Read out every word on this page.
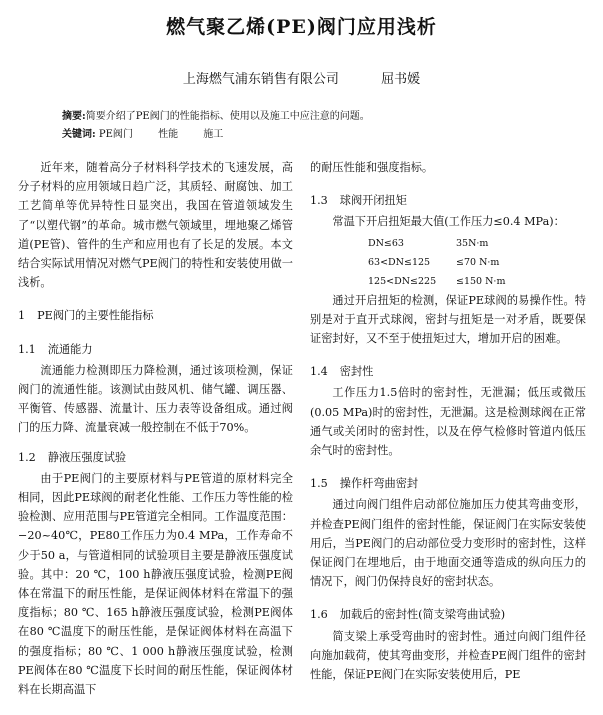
燃气聚乙烯(PE)阀门应用浅析
上海燃气浦东销售有限公司	屈书媛
摘要:简要介绍了PE阀门的性能指标、使用以及施工中应注意的问题。
关键词: PE阀门	性能	施工

近年来，随着高分子材料科学技术的飞速发展，高分子材料的应用领域日趋广泛，其质轻、耐腐蚀、加工工艺简单等优异特性日显突出，我国在管道领域发生了“以塑代钢”的革命。城市燃气领域里，埋地聚乙烯管道(PE管)、管件的生产和应用也有了长足的发展。本文结合实际试用情况对燃气PE阀门的特性和安装使用做一浅析。

1 PE阀门的主要性能指标
1.1 流通能力

流通能力检测即压力降检测，通过该项检测，保证阀门的流通性能。该测试由鼓风机、储气罐、调压器、平衡管、传感器、流量计、压力表等设备组成。通过阀门的压力降、流量衰减一般控制在不低于70%。

1.2 静液压强度试验

由于PE阀门的主要原材料与PE管道的原材料完全相同，因此PE球阀的耐老化性能、工作压力等性能的检验检测、应用范围与PE管道完全相同。工作温度范围：−20~40℃，PE80工作压力为0.4 MPa，工作寿命不少于50 a，与管道相同的试验项目主要是静液压强度试验。其中：20 ℃，100 h静液压强度试验，检测PE阀体在常温下的耐压性能，是保证阀体材料在常温下的强度指标；80 ℃、165 h静液压强度试验，检测PE阀体在80 ℃温度下的耐压性能，是保证阀体材料在高温下的强度指标；80 ℃、1 000 h静液压强度试验，检测PE阀体在80 ℃温度下长时间的耐压性能，保证阀体材料在长期高温下

的耐压性能和强度指标。

1.3 球阀开闭扭矩

常温下开启扭矩最大值(工作压力≤0.4 MPa)：

DN≤63	35N·m
63<DN≤125	≤70 N·m
125<DN≤225	≤150 N·m

通过开启扭矩的检测，保证PE球阀的易操作性。特别是对于直开式球阀，密封与扭矩是一对矛盾，既要保证密封好，又不至于使扭矩过大，增加开启的困难。

1.4 密封性

工作压力1.5倍时的密封性，无泄漏；低压或微压(0.05 MPa)时的密封性，无泄漏。这是检测球阀在正常通气或关闭时的密封性，以及在停气检修时管道内低压余气时的密封性。

1.5 操作杆弯曲密封

通过向阀门组件启动部位施加压力使其弯曲变形，并检查PE阀门组件的密封性能，保证阀门在实际安装使用后，当PE阀门的启动部位受力变形时的密封性，这样保证阀门在埋地后，由于地面交通等造成的纵向压力的情况下，阀门仍保持良好的密封状态。

1.6 加载后的密封性(简支梁弯曲试验)

简支梁上承受弯曲时的密封性。通过向阀门组件径向施加载荷，使其弯曲变形，并检查PE阀门组件的密封性能，保证PE阀门在实际安装使用后，PE
